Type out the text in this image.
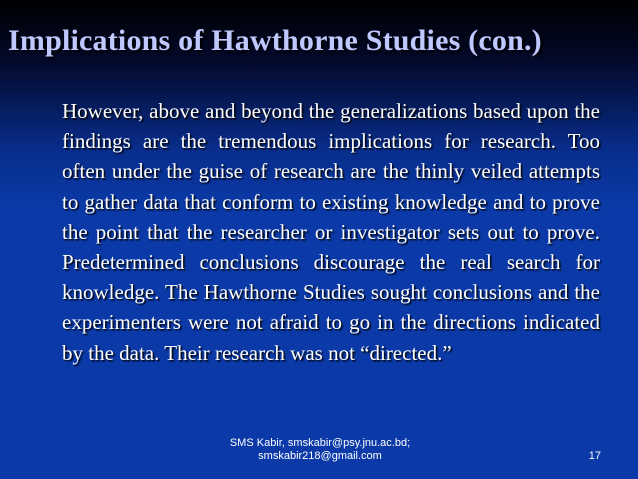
Implications of Hawthorne Studies (con.)

However, above and beyond the generalizations based upon the findings are the tremendous implications for research. Too often under the guise of research are the thinly veiled attempts to gather data that conform to existing knowledge and to prove the point that the researcher or investigator sets out to prove. Predetermined conclusions discourage the real search for knowledge. The Hawthorne Studies sought conclusions and the experimenters were not afraid to go in the directions indicated by the data. Their research was not “directed.”

SMS Kabir, smskabir@psy.jnu.ac.bd;
smskabir218@gmail.com	17
